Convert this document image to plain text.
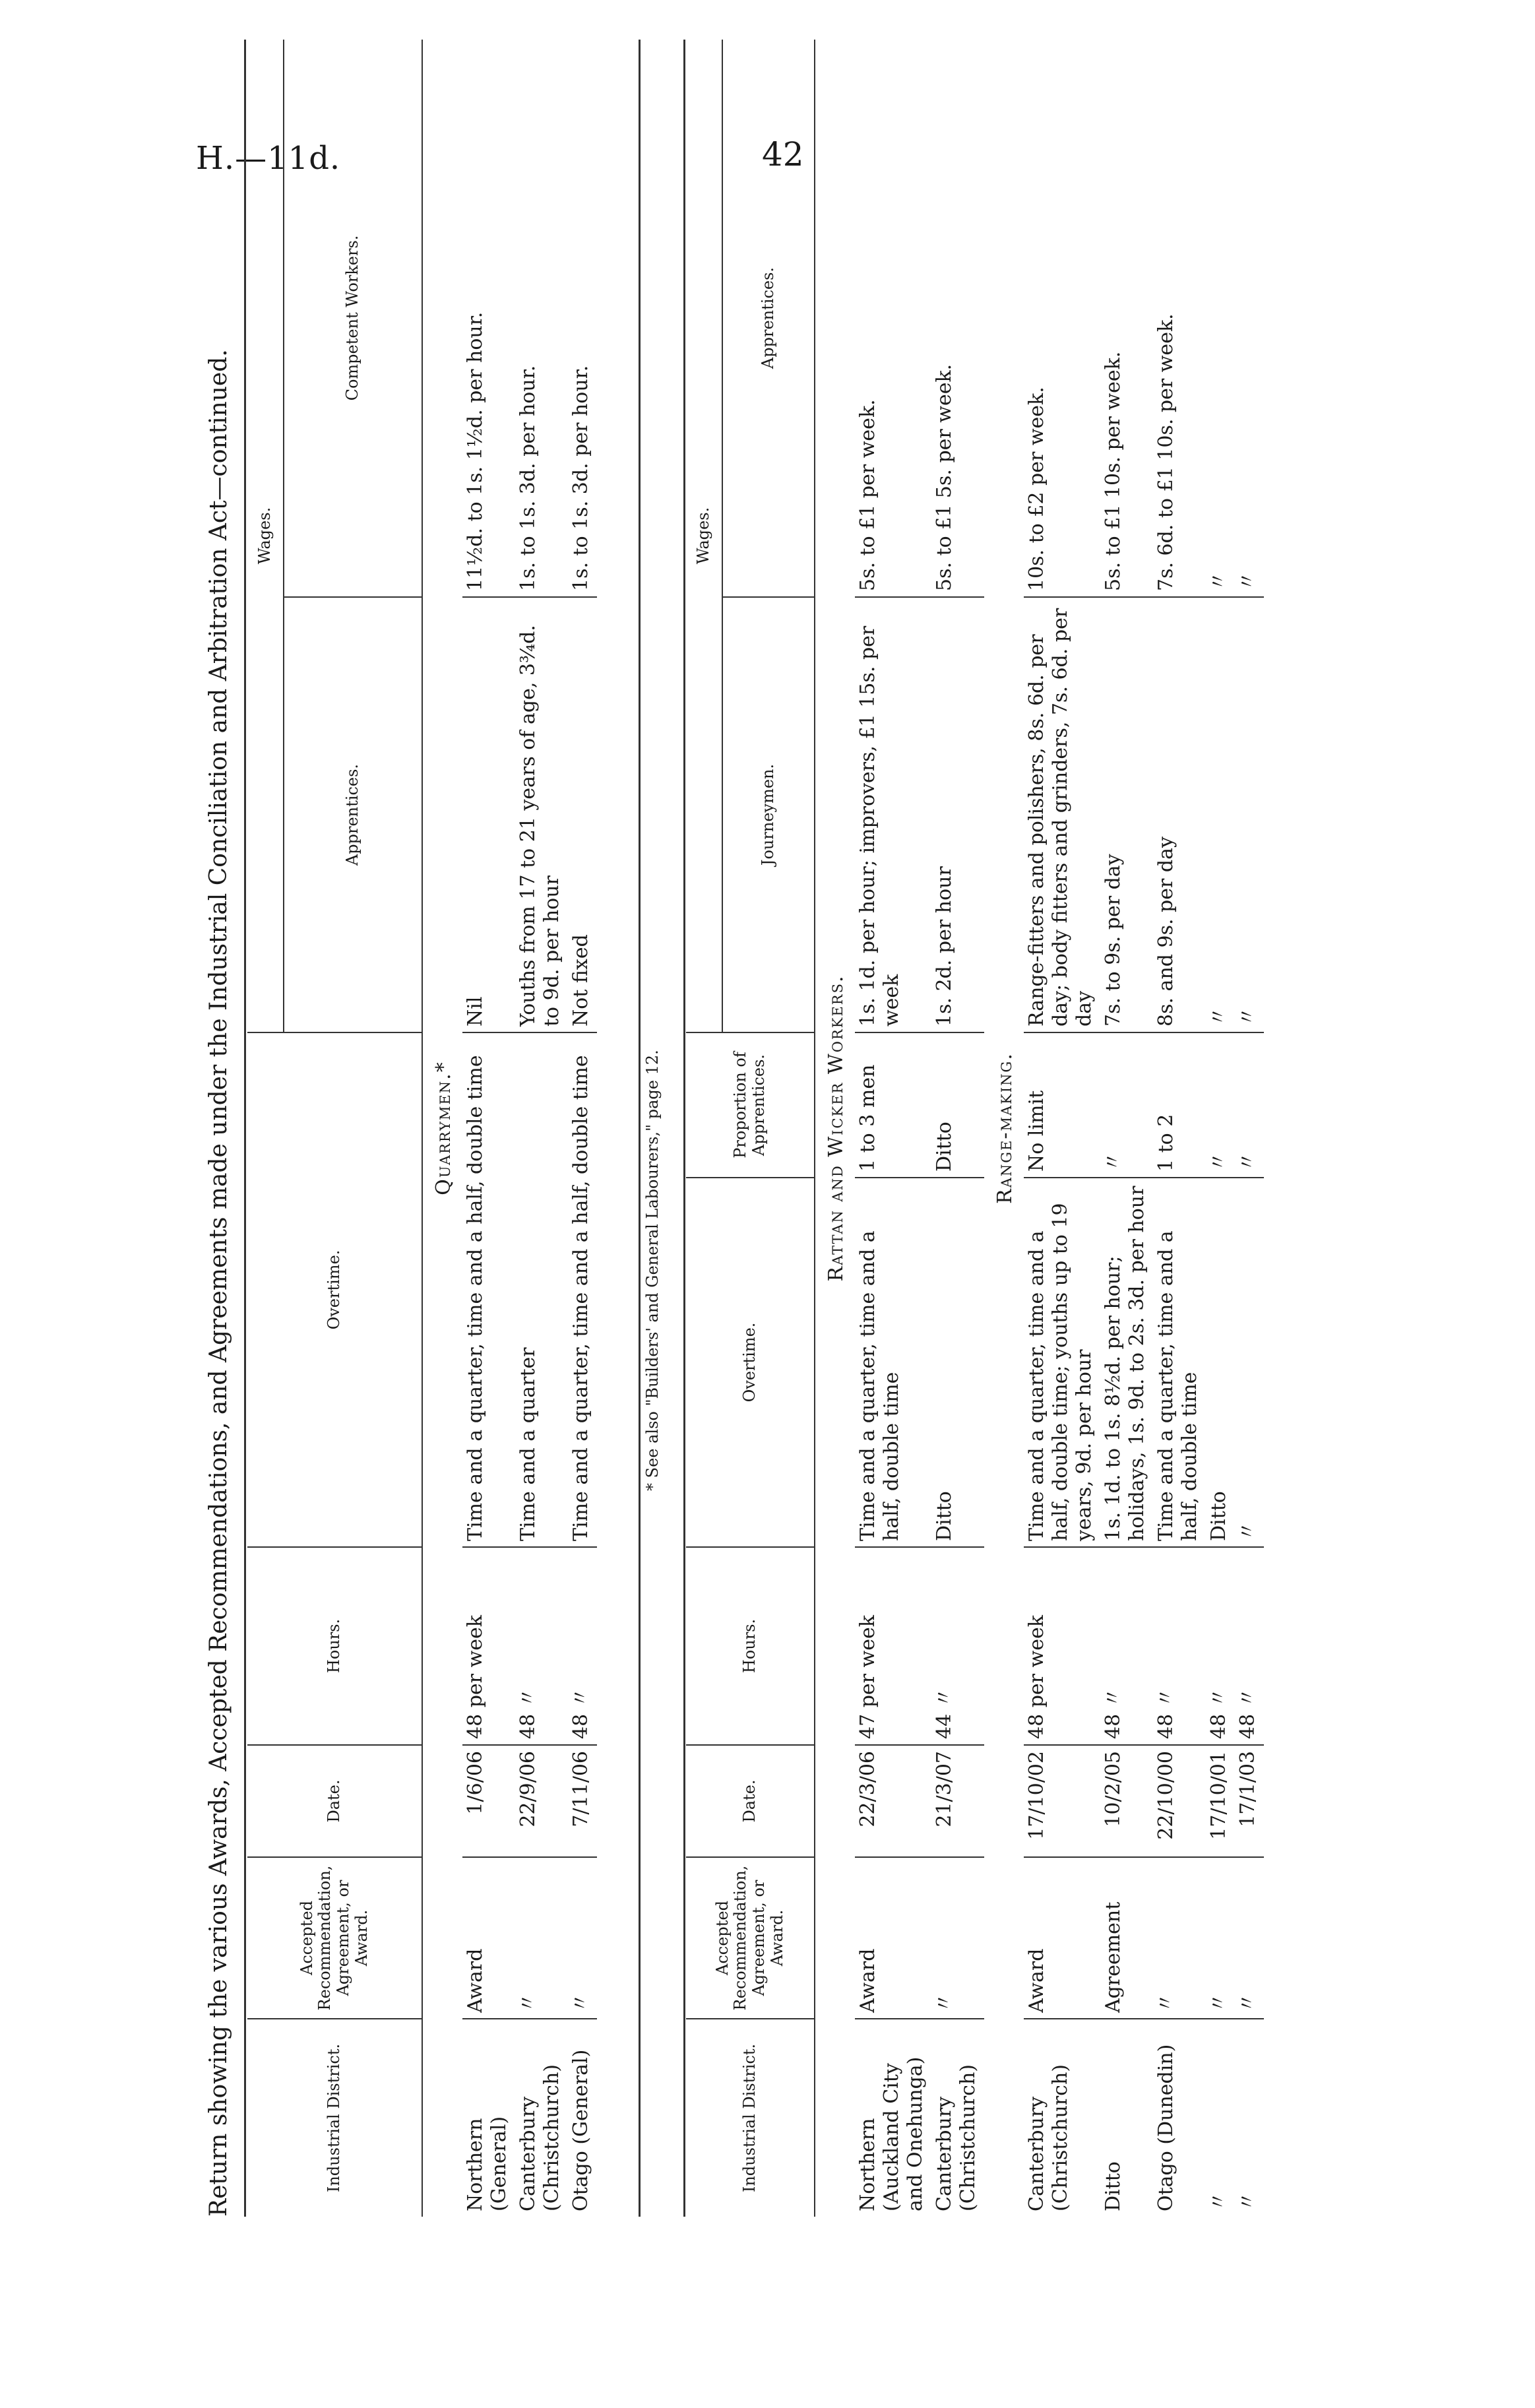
H.—11d.	42
Return showing the various Awards, Accepted Recommendations, and Agreements made under the Industrial Conciliation and Arbitration Act—continued.	Industrial District.	Accepted Recommendation, Agreement, or Award.	Date.	Hours.	Overtime.	Wages.	
					Apprentices.	Competent Workers.
Quarrymen.*						
Northern (General)	Award	1/6/06	48 per week	Time and a quarter, time and a half, double time	Nil	11½d. to 1s. 1½d. per hour.
Canterbury (Christchurch)	〃	22/9/06	48 〃	Time and a quarter	Youths from 17 to 21 years of age, 3¾d. to 9d. per hour	1s. to 1s. 3d. per hour.
Otago (General)	〃	7/11/06	48 〃	Time and a quarter, time and a half, double time	Not fixed	1s. to 1s. 3d. per hour.
* See also "Builders' and General Labourers," page 12.
Industrial District.	Accepted Recommendation, Agreement, or Award.	Date.	Hours.	Overtime.	Proportion of Apprentices.	Wages.	
						Journeymen.	Apprentices.
Rattan and Wicker Workers.							
Northern (Auckland City and Onehunga)	Award	22/3/06	47 per week	Time and a quarter, time and a half, double time	1 to 3 men	1s. 1d. per hour; improvers, £1 15s. per week	5s. to £1 per week.
Canterbury (Christchurch)	〃	21/3/07	44 〃	Ditto	Ditto	1s. 2d. per hour	5s. to £1 5s. per week.
Range-making.							
Canterbury (Christchurch)	Award	17/10/02	48 per week	Time and a quarter, time and a half, double time; youths up to 19 years, 9d. per hour	No limit	Range-fitters and polishers, 8s. 6d. per day; body fitters and grinders, 7s. 6d. per day	10s. to £2 per week.
Ditto	Agreement	10/2/05	48 〃	1s. 1d. to 1s. 8½d. per hour; holidays, 1s. 9d. to 2s. 3d. per hour	〃	7s. to 9s. per day	5s. to £1 10s. per week.
Otago (Dunedin)	〃	22/10/00	48 〃	Time and a quarter, time and a half, double time	1 to 2	8s. and 9s. per day	7s. 6d. to £1 10s. per week.
〃	〃	17/10/01	48 〃	Ditto	〃	〃	〃
〃	〃	17/1/03	48 〃	〃	〃	〃	〃
